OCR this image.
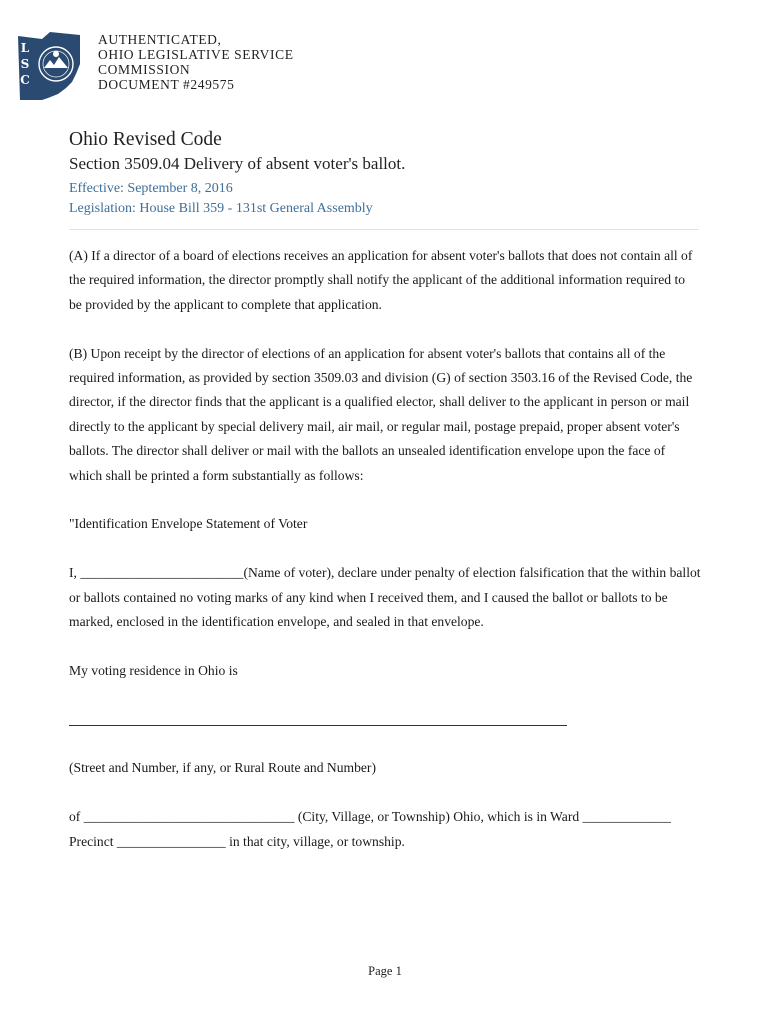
L
S
C
AUTHENTICATED,
OHIO LEGISLATIVE SERVICE
COMMISSION
DOCUMENT #249575
Ohio Revised Code
Section 3509.04 Delivery of absent voter's ballot.
Effective: September 8, 2016
Legislation: House Bill 359 - 131st General Assembly

(A) If a director of a board of elections receives an application for absent voter's ballots that does not contain all of the required information, the director promptly shall notify the applicant of the additional information required to be provided by the applicant to complete that application.

(B) Upon receipt by the director of elections of an application for absent voter's ballots that contains all of the required information, as provided by section 3509.03 and division (G) of section 3503.16 of the Revised Code, the director, if the director finds that the applicant is a qualified elector, shall deliver to the applicant in person or mail directly to the applicant by special delivery mail, air mail, or regular mail, postage prepaid, proper absent voter's ballots. The director shall deliver or mail with the ballots an unsealed identification envelope upon the face of which shall be printed a form substantially as follows:

"Identification Envelope Statement of Voter

I, ________________________(Name of voter), declare under penalty of election falsification that the within ballot or ballots contained no voting marks of any kind when I received them, and I caused the ballot or ballots to be marked, enclosed in the identification envelope, and sealed in that envelope.

My voting residence in Ohio is

(Street and Number, if any, or Rural Route and Number)

of _______________________________ (City, Village, or Township) Ohio, which is in Ward _____________ Precinct ________________ in that city, village, or township.

Page 1
